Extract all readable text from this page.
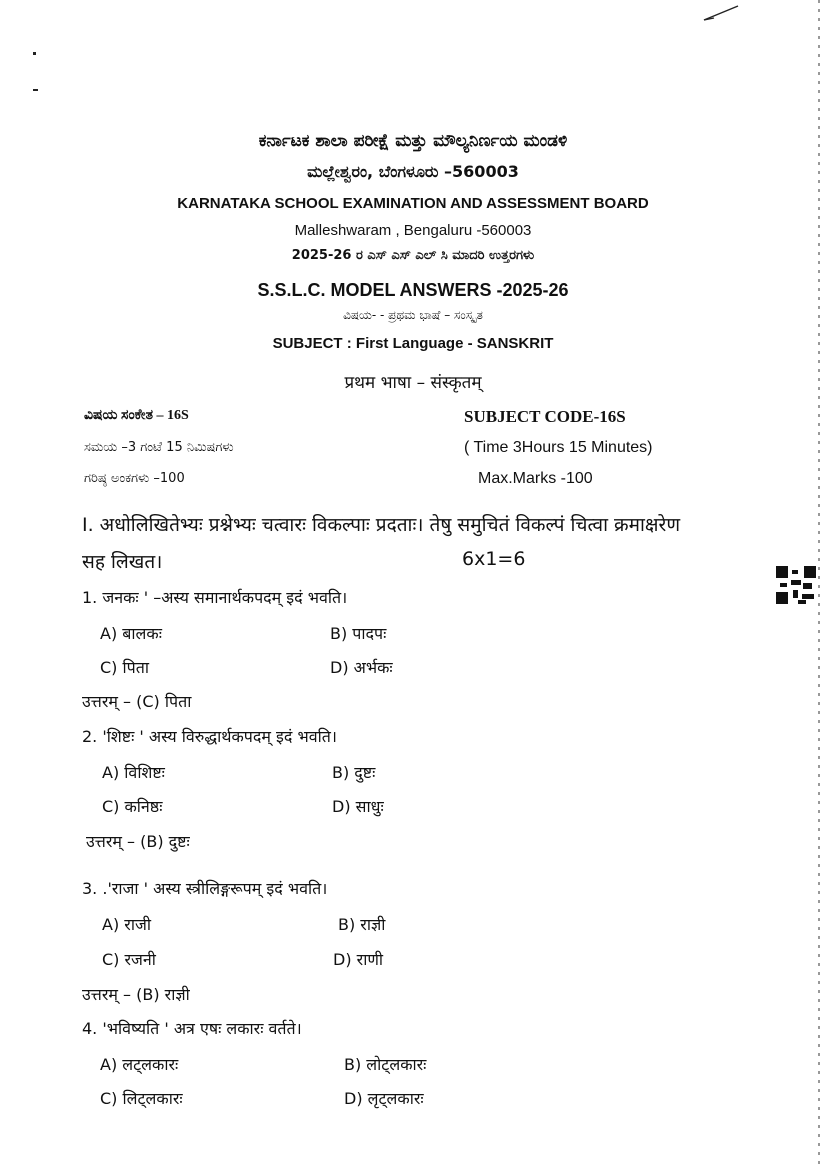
ಕರ್ನಾಟಕ ಶಾಲಾ ಪರೀಕ್ಷೆ ಮತ್ತು ಮೌಲ್ಯನಿರ್ಣಯ ಮಂಡಳಿ
ಮಲ್ಲೇಶ್ವರಂ, ಬೆಂಗಳೂರು –560003
KARNATAKA SCHOOL EXAMINATION AND ASSESSMENT BOARD
Malleshwaram , Bengaluru -560003
2025-26 ರ ಎಸ್ ಎಸ್ ಎಲ್ ಸಿ ಮಾದರಿ ಉತ್ತರಗಳು
S.S.L.C. MODEL ANSWERS -2025-26
ವಿಷಯ- - ಪ್ರಥಮ ಭಾಷೆ – ಸಂಸ್ಕೃತ
SUBJECT : First Language - SANSKRIT
प्रथम भाषा – संस्कृतम्
ವಿಷಯ ಸಂಕೇತ – 16S	SUBJECT CODE-16S
ಸಮಯ –3 ಗಂಟೆ 15 ನಿಮಿಷಗಳು	( Time 3Hours 15 Minutes)
ಗರಿಷ್ಠ ಅಂಕಗಳು –100	Max.Marks -100
I. अधोलिखितेभ्यः प्रश्नेभ्यः चत्वारः विकल्पाः प्रदताः। तेषु समुचितं विकल्पं चित्वा क्रमाक्षरेण
सह लिखत।	6x1=6
1. जनकः ' –अस्य समानार्थकपदम् इदं भवति।
A) बालकः	B) पादपः
C) पिता	D) अर्भकः
उत्तरम् – (C) पिता
2. 'शिष्टः ' अस्य विरुद्धार्थकपदम् इदं भवति।
A) विशिष्टः	B) दुष्टः
C) कनिष्ठः	D) साधुः
उत्तरम् – (B) दुष्टः
3. .'राजा ' अस्य स्त्रीलिङ्गरूपम् इदं भवति।
A) राजी	B) राज्ञी
C) रजनी	D) राणी
उत्तरम् – (B) राज्ञी
4. 'भविष्यति ' अत्र एषः लकारः वर्तते।
A) लट्लकारः	B) लोट्लकारः
C) लिट्लकारः	D) लृट्लकारः
